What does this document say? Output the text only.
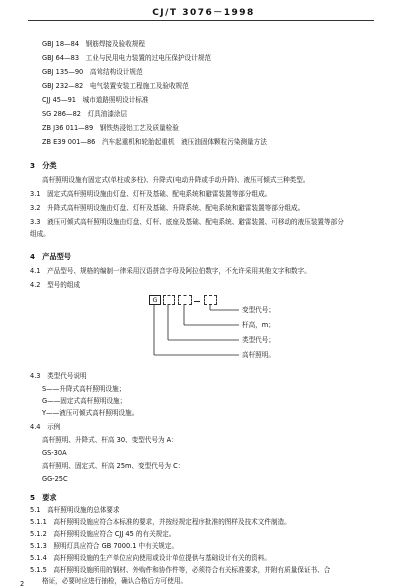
CJ/T 3076－1998
GBJ 18—84　 钢筋焊接及验收规程
GBJ 64—83　 工业与民用电力装置的过电压保护设计规范
GBJ 135—90　 高耸结构设计规范
GBJ 232—82　 电气装置安装工程施工及验收规范
CJJ 45—91　 城市道路照明设计标准
SG 286—82　 灯具油漆涂层
ZB J36 011—89　 钢铁热浸铝工艺及质量检验
ZB E39 001—86　 汽车起重机和轮胎起重机　液压油固体颗粒污染测量方法
3　分类
高杆照明设施有固定式(单柱或多柱)、升降式(电动升降或手动升降)、液压可倾式三种类型。
3.1　 固定式高杆照明设施由灯盘、灯杆及基础、配电系统和避雷装置等部分组成。
3.2　 升降式高杆照明设施由灯盘、灯杆及基础、升降系统、配电系统和避雷装置等部分组成。
3.3　 液压可倾式高杆照明设施由灯盘、灯杆、底座及基础、配电系统、避雷装置、可移动的液压装置等部分
组成。
4　产品型号
4.1　 产品型号、规格的编制一律采用汉语拼音字母及阿拉伯数字，不允许采用其他文字和数字。
4.2　 型号的组成
G
变型代号；
杆高，m；
类型代号；
高杆照明。
4.3　 类型代号说明
S——升降式高杆照明设施；
G——固定式高杆照明设施；
Y——液压可倾式高杆照明设施。
4.4　 示例
高杆照明、升降式、杆高 30、变型代号为 A：
GS-30A
高杆照明、固定式、杆高 25m、变型代号为 C：
GG-25C
5　要求
5.1　 高杆照明设施的总体要求
5.1.1　 高杆照明设施应符合本标准的要求，并按经规定程序批准的图样及技术文件制造。
5.1.2　 高杆照明设施应符合 CJJ 45 的有关规定。
5.1.3　 照明灯具应符合 GB 7000.1 中有关规定。
5.1.4　 高杆照明设施的生产单位应向使用或设计单位提供与基础设计有关的资料。
5.1.5　 高杆照明设施所用的钢材、外购件和协作件等，必须符合有关标准要求，并附有质量保证书、合
格证，必要时应进行抽检，确认合格后方可使用。
2
